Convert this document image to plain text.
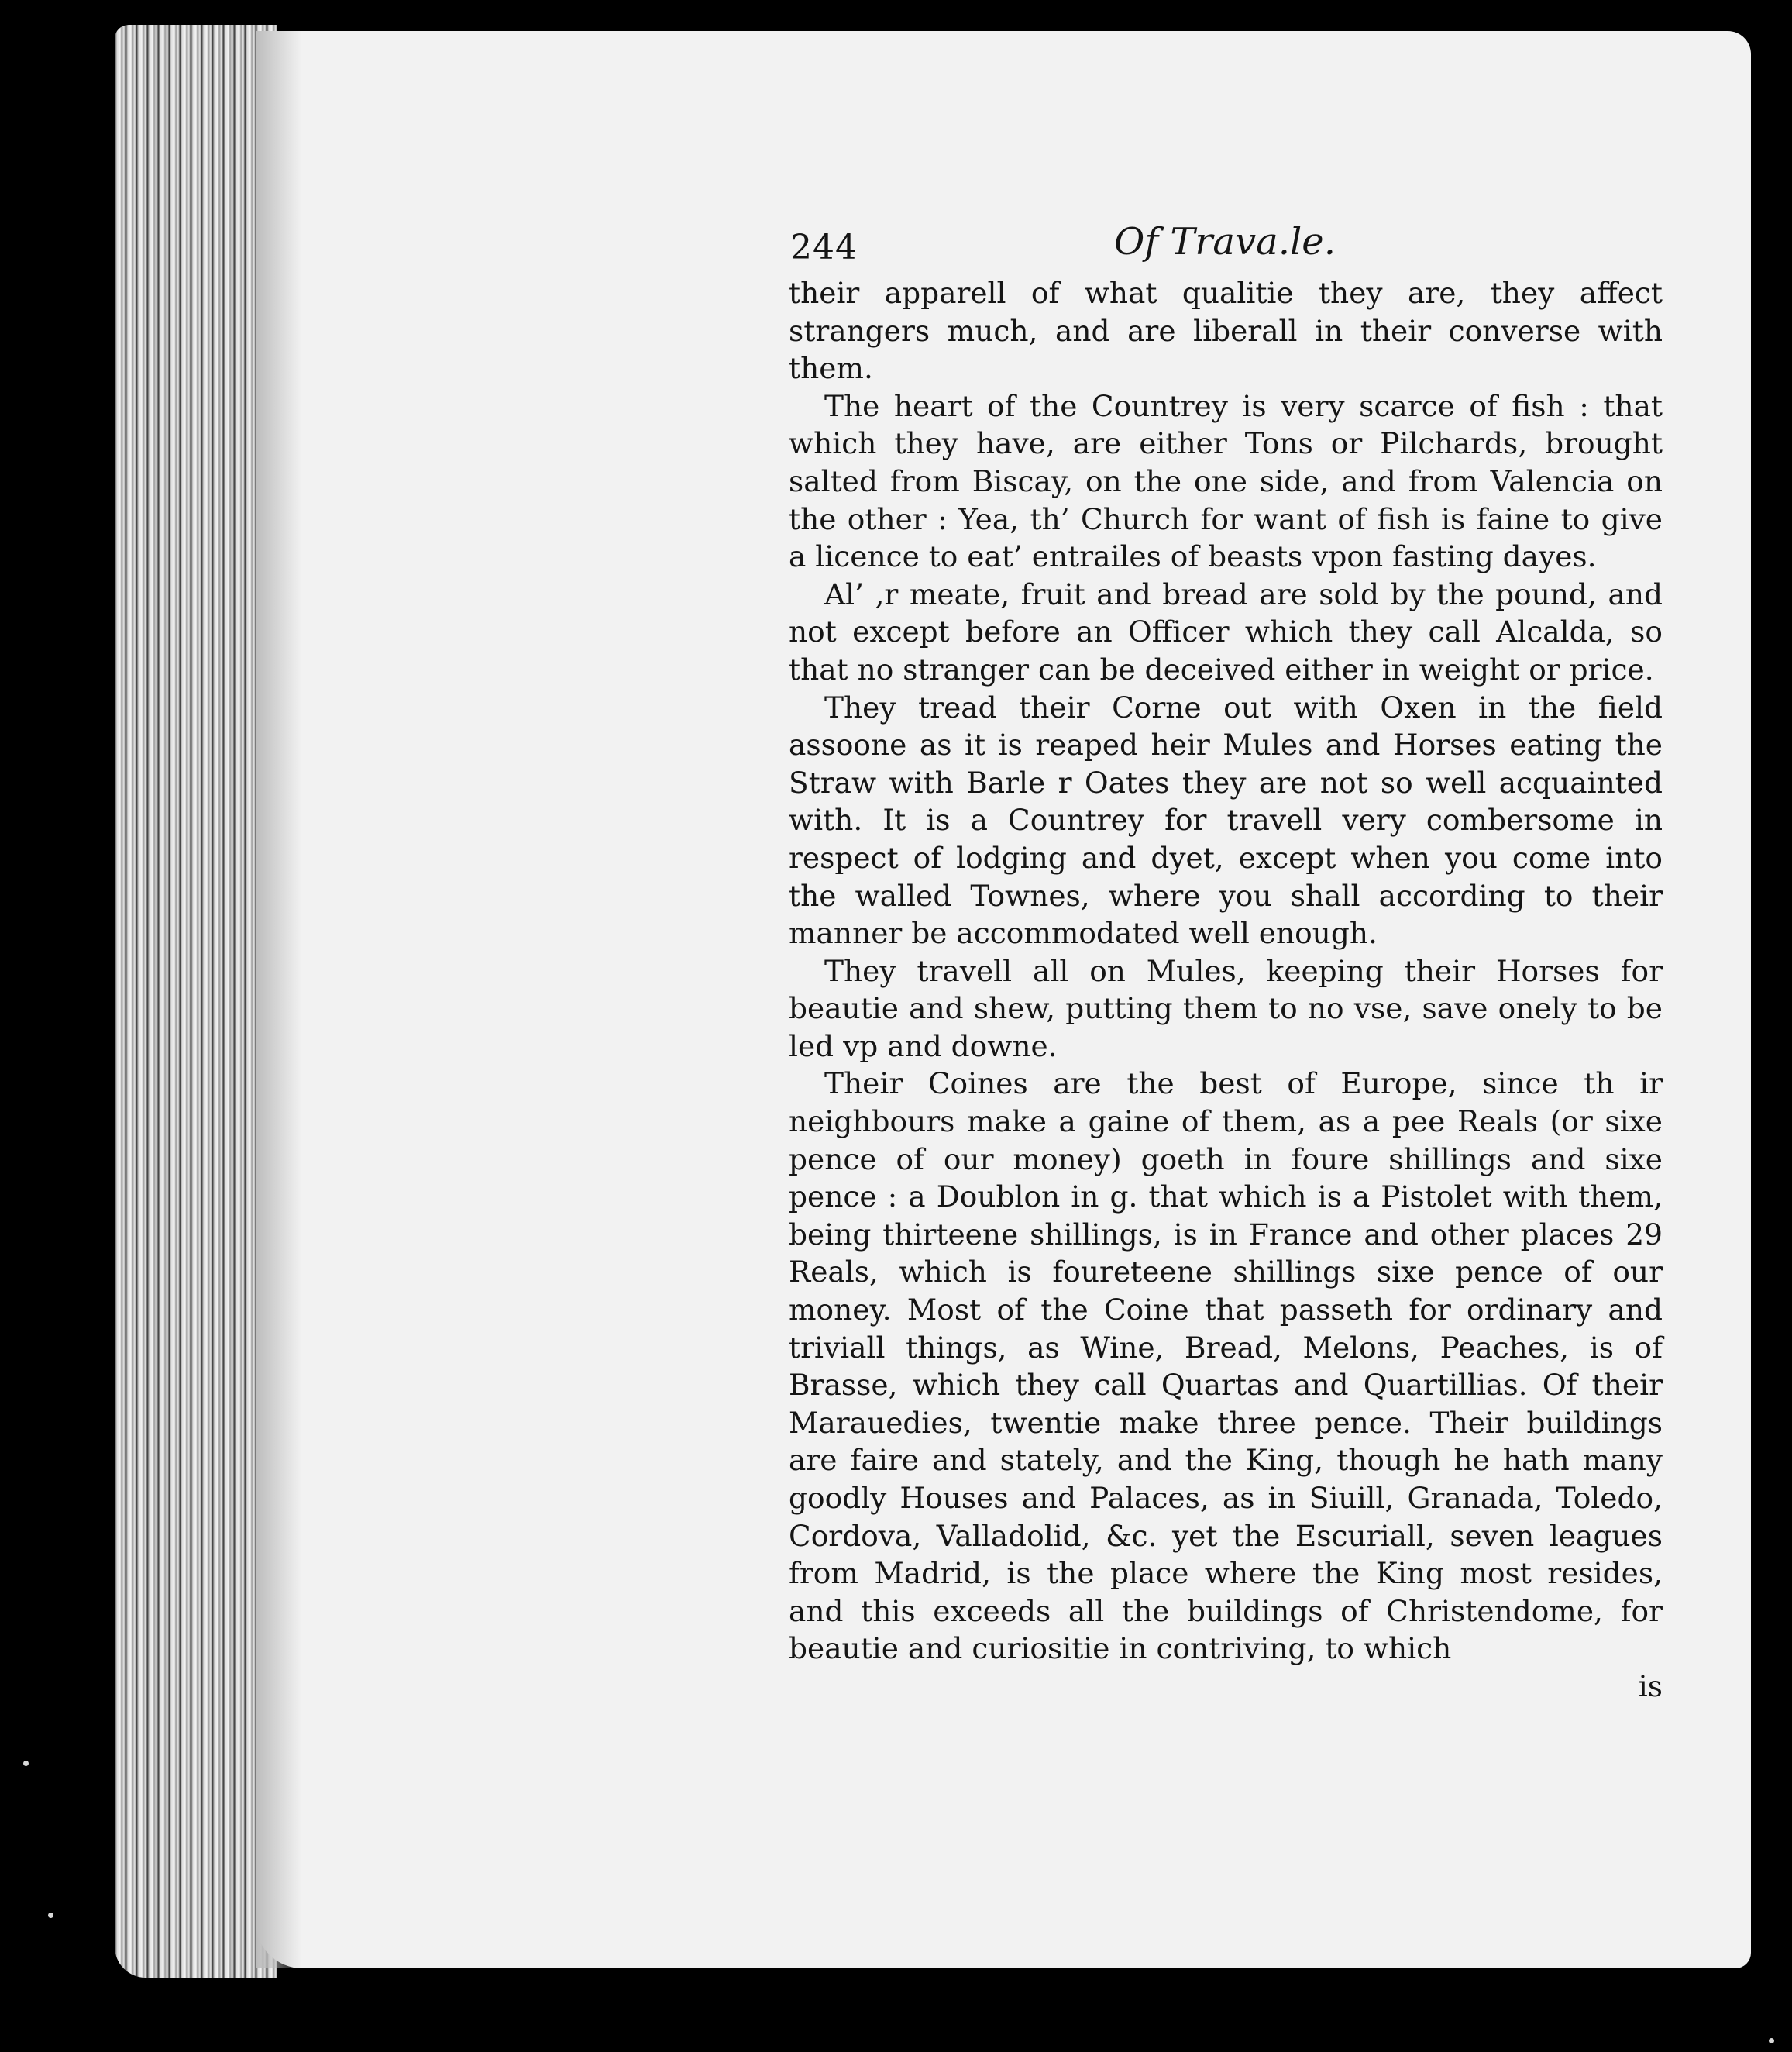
244	Of Trava.le.

their apparell of what qualitie they are, they affect strangers much, and are liberall in their converse with them.

The heart of the Countrey is very scarce of fish : that which they have, are either Tons or Pilchards, brought salted from Biscay, on the one side, and from Valencia on the other : Yea, th’ Church for want of fish is faine to give a licence to eat’ entrailes of beasts vpon fasting dayes.

Al’ ,r meate, fruit and bread are sold by the pound, and not except before an Officer which they call Alcalda, so that no stranger can be deceived either in weight or price.

They tread their Corne out with Oxen in the field assoone as it is reaped heir Mules and Horses eating the Straw with Barle r Oates they are not so well acquainted with. It is a Countrey for travell very combersome in respect of lodging and dyet, except when you come into the walled Townes, where you shall according to their manner be accommodated well enough.

They travell all on Mules, keeping their Horses for beautie and shew, putting them to no vse, save onely to be led vp and downe.

Their Coines are the best of Europe, since th ir neighbours make a gaine of them, as a pee Reals (or sixe pence of our money) goeth in foure shillings and sixe pence : a Doublon in g. that which is a Pistolet with them, being thirteene shillings, is in France and other places 29 Reals, which is foureteene shillings sixe pence of our money. Most of the Coine that passeth for ordinary and triviall things, as Wine, Bread, Melons, Peaches, is of Brasse, which they call Quartas and Quartillias. Of their Marauedies, twentie make three pence. Their buildings are faire and stately, and the King, though he hath many goodly Houses and Palaces, as in Siuill, Granada, Toledo, Cordova, Valladolid, &c. yet the Escuriall, seven leagues from Madrid, is the place where the King most resides, and this exceeds all the buildings of Christendome, for beautie and curiositie in contriving, to which

is
